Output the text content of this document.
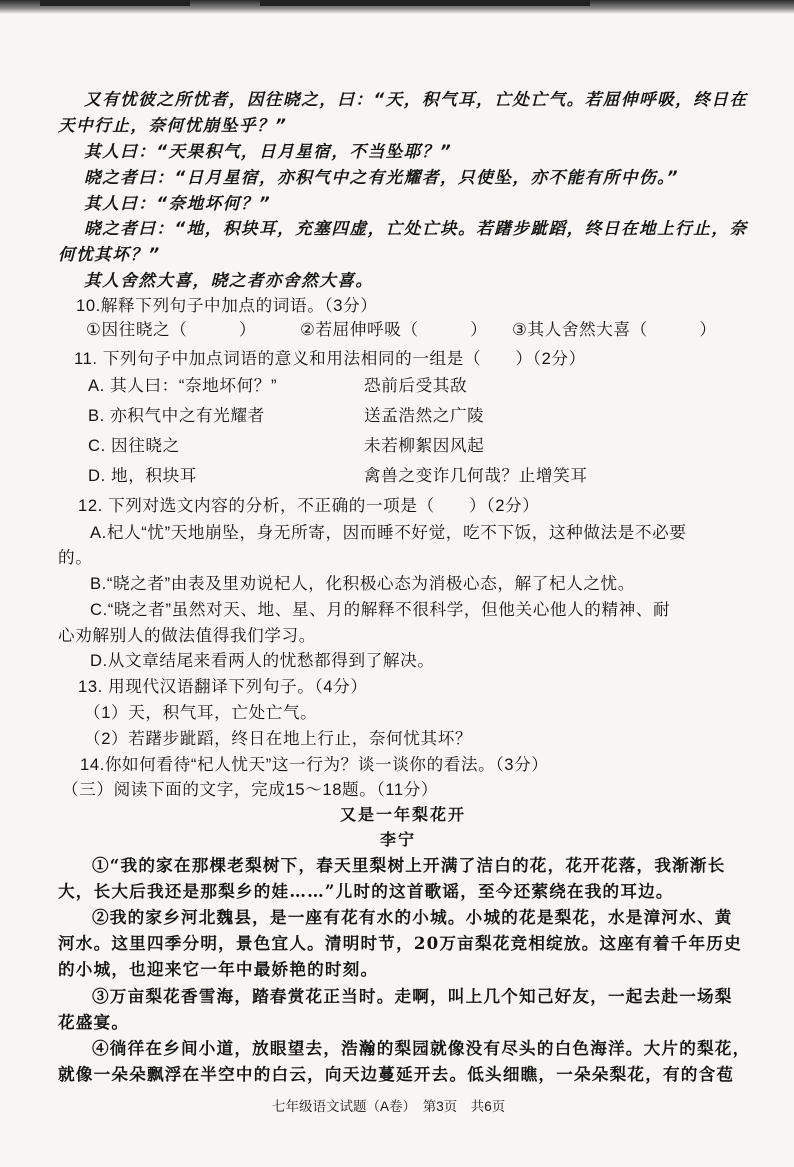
又有忧彼之所忧者，因往晓之，曰：“天，积气耳，亡处亡气。若屈伸呼吸，终日在
天中行止，奈何忧崩坠乎？”
其人曰：“天果积气，日月星宿，不当坠耶？”
晓之者曰：“日月星宿，亦积气中之有光耀者，只使坠，亦不能有所中伤。”
其人曰：“奈地坏何？”
晓之者曰：“地，积块耳，充塞四虚，亡处亡块。若躇步跐蹈，终日在地上行止，奈
何忧其坏？”
其人舍然大喜，晓之者亦舍然大喜。
10.解释下列句子中加点的词语。（3分）
①因往晓之（　　　）	②若屈伸呼吸（　　　） ③其人舍然大喜（　　　）
11. 下列句子中加点词语的意义和用法相同的一组是（　　）（2分）
A. 其人曰：“奈地坏何？”	恐前后受其敌
B. 亦积气中之有光耀者	送孟浩然之广陵
C. 因往晓之	未若柳絮因风起
D. 地，积块耳	禽兽之变诈几何哉？止增笑耳
12. 下列对选文内容的分析，不正确的一项是（　　）（2分）
A.杞人“忧”天地崩坠，身无所寄，因而睡不好觉，吃不下饭，这种做法是不必要
的。
B.“晓之者”由表及里劝说杞人，化积极心态为消极心态，解了杞人之忧。
C.“晓之者”虽然对天、地、星、月的解释不很科学，但他关心他人的精神、耐
心劝解别人的做法值得我们学习。
D.从文章结尾来看两人的忧愁都得到了解决。
13. 用现代汉语翻译下列句子。（4分）
（1）天，积气耳，亡处亡气。
（2）若躇步跐蹈，终日在地上行止，奈何忧其坏？
14.你如何看待“杞人忧天”这一行为？谈一谈你的看法。（3分）
（三）阅读下面的文字，完成15～18题。（11分）
又是一年梨花开
李宁
①“我的家在那棵老梨树下，春天里梨树上开满了洁白的花，花开花落，我渐渐长
大，长大后我还是那梨乡的娃……”儿时的这首歌谣，至今还萦绕在我的耳边。
②我的家乡河北魏县，是一座有花有水的小城。小城的花是梨花，水是漳河水、黄
河水。这里四季分明，景色宜人。清明时节，20万亩梨花竞相绽放。这座有着千年历史
的小城，也迎来它一年中最娇艳的时刻。
③万亩梨花香雪海，踏春赏花正当时。走啊，叫上几个知己好友，一起去赴一场梨
花盛宴。
④徜徉在乡间小道，放眼望去，浩瀚的梨园就像没有尽头的白色海洋。大片的梨花，
就像一朵朵飘浮在半空中的白云，向天边蔓延开去。低头细瞧，一朵朵梨花，有的含苞
七年级语文试题（A卷）　第3页　共6页
